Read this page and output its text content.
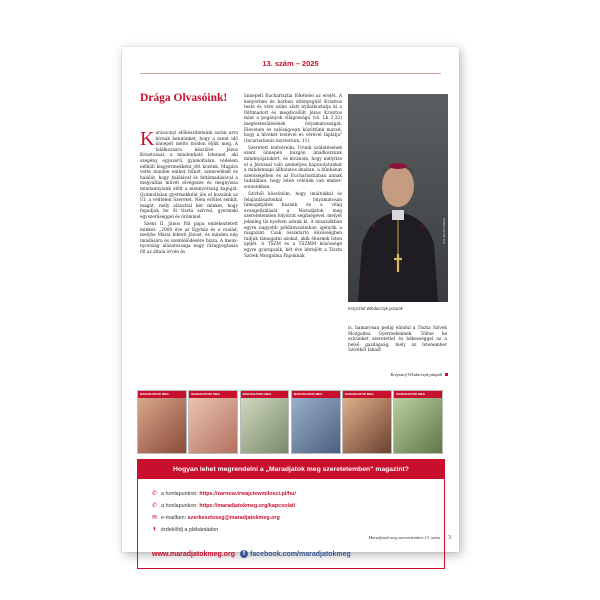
13. szám – 2025
Drága Olvasóink!

Karácsonyi előkészületeink során arra hívnak bennünket, hogy a szent idő ünnepét méltó módon éljük meg. A találkozásra készülve Jézus Krisztussal, a mindenható Istennel, aki szegény, egyszerű, gyámoltalan, védelem nélküli kisgyermekként jött közénk. Magára vette minden ember bűnét, szenvedését és halálát, hogy halálával és feltámadásával a megváltás művét elvégezze és megnyissa mindannyiunk előtt a mennyország kapuját. Gyámoltalan gyermekként jön el hozzánk az Úr, a védtelen Szeretet. Nem erőltet senkit, magát, mély alázattal kér minket, hogy fogadjuk be őt tiszta szívvel, gyermeki egyszerűséggel és örömmel.

Szent II. János Pál pápa emlékeztetett minket: „2000 éve az Egyház és a család, melybe Mária fekteti Jézust, és minden nép imádására és szemlélődésére bízza. A menynyország alázatossága nagy ráragyogtassa föl az általa örvén és

ünnepelt Eucharisztia föltételei az erejét. A kenyérben és borban átlényegülő Krisztus teste és vére színe alatt nyilatkoztatja ki a föltimadott és megdicsőült Jézus Krisztus mint a pogányok világossága (vö. Lk 2,32) megtestesülésének folyamatosságát. Elevenen és valóságosan közöttünk marad, hogy a híveket testével és vérével táplálja" (Incarnationis mysterium, 11).

Szeretett testvéreim, Urunk születésének szent ünnepén buzgón imádkozzunk mindnyájatokért, és kívánom, hogy mélyítse el a Jézussal való személyes kapcsolatunkat a mindennapi állhatatos imaban, a bűnbánat szentségében és az Eucharisztiában annak tudatában, hogy Isten véléünk van embersorsunkban.

Szívből köszönöm, hogy imáitokkal és felajánlásaitokkal folyamatosan támogatjátok hazánk és a világ evangelizálását a Maradjatok meg szeretetemben folyóirat segítségével, melyet jelenleg tíz nyelven adunk ki. A missziókban egyre nagyobb példányszámban igénylik a magazint. Csak összetartó közösségben tudjuk támogatni azokat, akik éheznek Isten igéjét. A TSZM és a TSZMM közössége egyre gyarapszik, két éve létrejött a Tiszta Szívek Mozgalma Papoknak

Fotó: Krzysztof Klimek
Krzysztof Włodarczyk püspök

is, hamarosan pedig elindul a Tiszta Szívek Mozgalma Gyermekeknek. Töltse be szívünket szeretettel és békességgel az a belső gazdagság, mely az Istenember Szívéből fakad!

Krzysztof Włodarczyk püspök
MARADJATOK MEG	MARADJATOK MEG	MARADJATOK MEG	MARADJATOK MEG	MARADJATOK MEG	MARADJATOK MEG
Hogyan lehet megrendelni a „Maradjatok meg szeretetemben" magazint?
✆ a honlapunkon: https://zarnow.trwajciewmilosci.pl/hu/
✆ a honlapunkon: https://maradjatokmeg.org/kapcsolat/
✉ e-mailben: szerkesztoseg@maradjatokmeg.org
✝ érdeklődj a plébániádon
www.maradjatokmeg.org f facebook.com/maradjatokmeg
Maradjatok meg szeretetemben 13. szám 3
